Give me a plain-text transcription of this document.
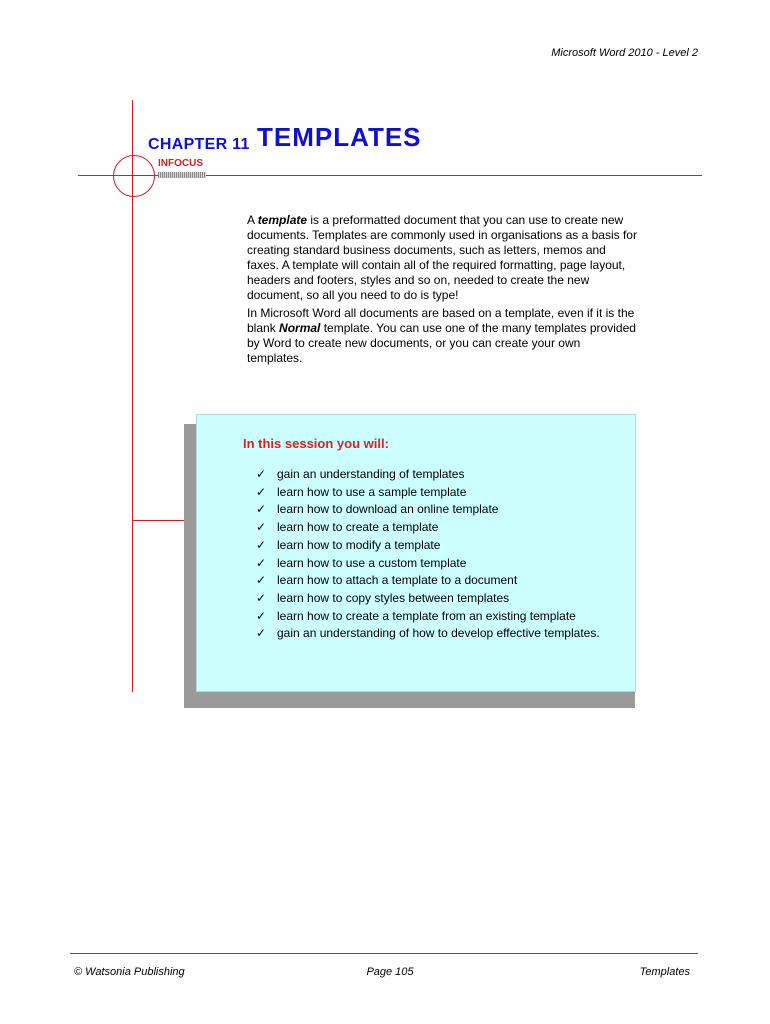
Microsoft Word 2010 - Level 2
CHAPTER 11
INFOCUS
TEMPLATES

A template is a preformatted document that you can use to create new documents. Templates are commonly used in organisations as a basis for creating standard business documents, such as letters, memos and faxes. A template will contain all of the required formatting, page layout, headers and footers, styles and so on, needed to create the new document, so all you need to do is type!

In Microsoft Word all documents are based on a template, even if it is the blank Normal template. You can use one of the many templates provided by Word to create new documents, or you can create your own templates.

In this session you will:
✓ gain an understanding of templates
✓ learn how to use a sample template
✓ learn how to download an online template
✓ learn how to create a template
✓ learn how to modify a template
✓ learn how to use a custom template
✓ learn how to attach a template to a document
✓ learn how to copy styles between templates
✓ learn how to create a template from an existing template
✓ gain an understanding of how to develop effective templates.
© Watsonia Publishing	Page 105	Templates
